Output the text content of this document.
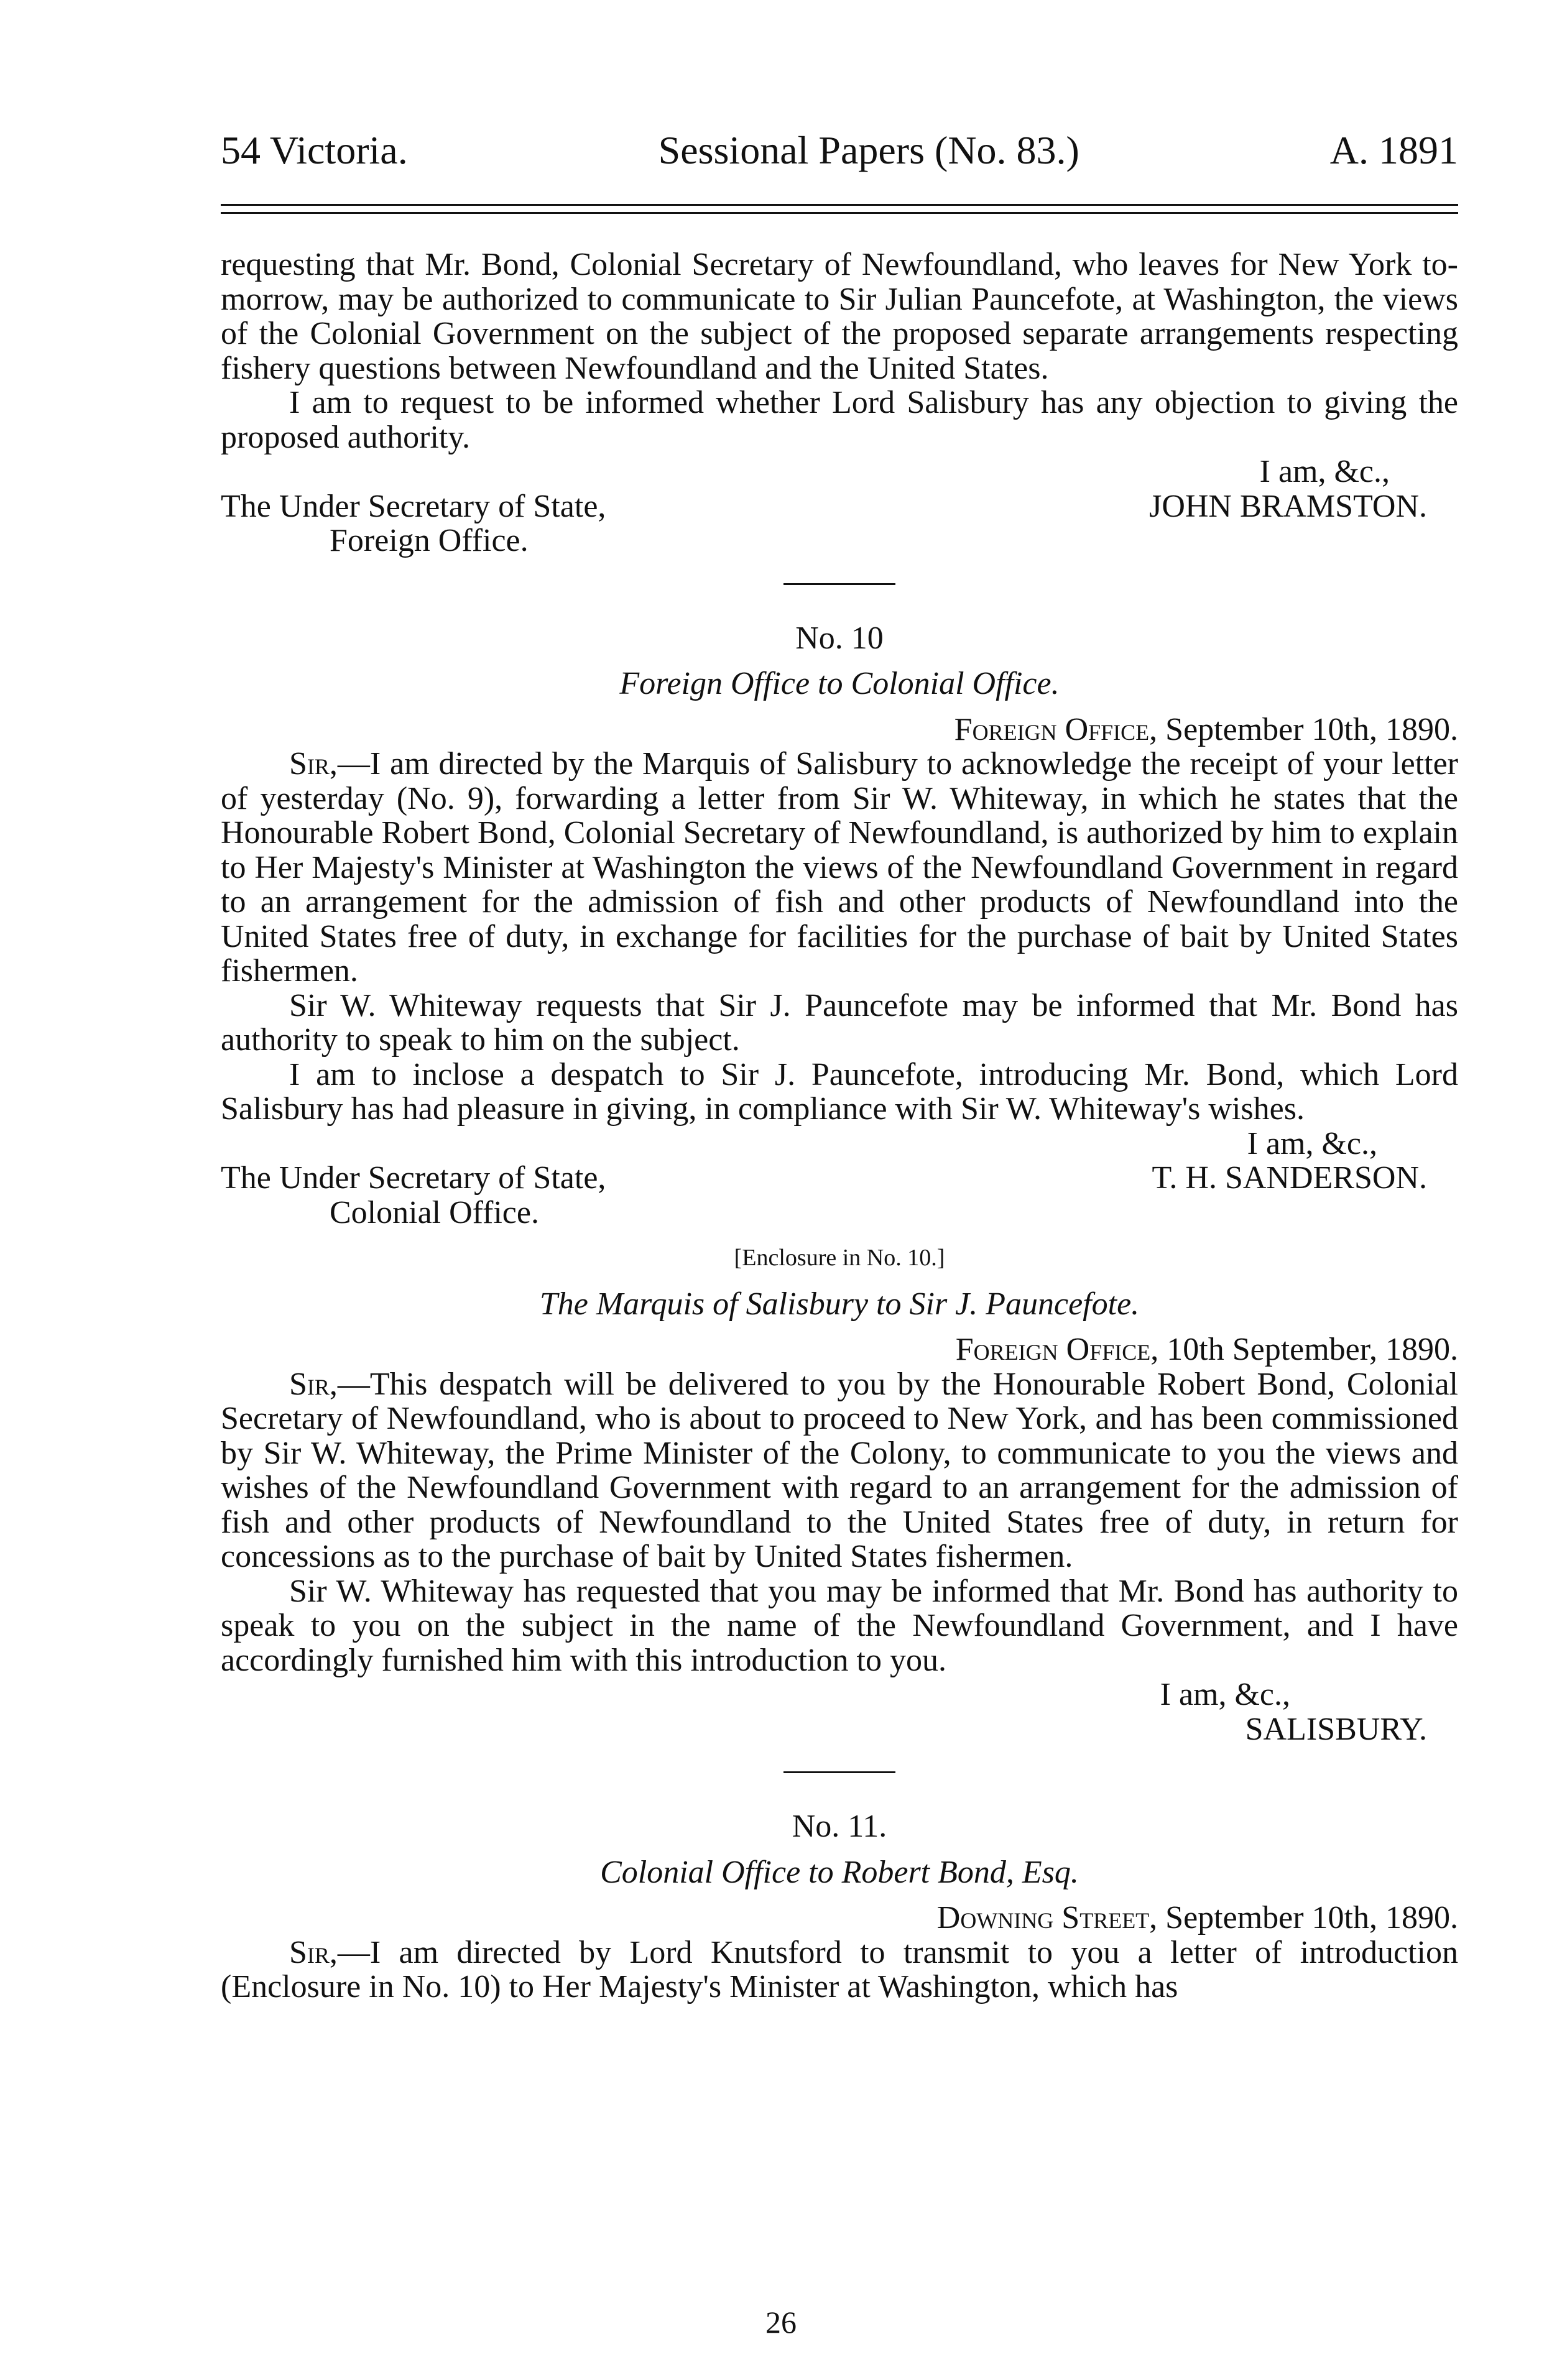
54 Victoria.	Sessional Papers (No. 83.)	A. 1891

requesting that Mr. Bond, Colonial Secretary of Newfoundland, who leaves for New York to-morrow, may be authorized to communicate to Sir Julian Pauncefote, at Washington, the views of the Colonial Government on the subject of the proposed separate arrangements respecting fishery questions between Newfoundland and the United States.

I am to request to be informed whether Lord Salisbury has any objection to giving the proposed authority.

The Under Secretary of State,
Foreign Office.
I am, &c.,
JOHN BRAMSTON.

No. 10

Foreign Office to Colonial Office.

Foreign Office, September 10th, 1890.

Sir,—I am directed by the Marquis of Salisbury to acknowledge the receipt of your letter of yesterday (No. 9), forwarding a letter from Sir W. Whiteway, in which he states that the Honourable Robert Bond, Colonial Secretary of Newfoundland, is authorized by him to explain to Her Majesty's Minister at Washington the views of the Newfoundland Government in regard to an arrangement for the admission of fish and other products of Newfoundland into the United States free of duty, in exchange for facilities for the purchase of bait by United States fishermen.

Sir W. Whiteway requests that Sir J. Pauncefote may be informed that Mr. Bond has authority to speak to him on the subject.

I am to inclose a despatch to Sir J. Pauncefote, introducing Mr. Bond, which Lord Salisbury has had pleasure in giving, in compliance with Sir W. Whiteway's wishes.

The Under Secretary of State,
Colonial Office.
I am, &c.,
T. H. SANDERSON.

[Enclosure in No. 10.]

The Marquis of Salisbury to Sir J. Pauncefote.

Foreign Office, 10th September, 1890.

Sir,—This despatch will be delivered to you by the Honourable Robert Bond, Colonial Secretary of Newfoundland, who is about to proceed to New York, and has been commissioned by Sir W. Whiteway, the Prime Minister of the Colony, to communicate to you the views and wishes of the Newfoundland Government with regard to an arrangement for the admission of fish and other products of Newfoundland to the United States free of duty, in return for concessions as to the purchase of bait by United States fishermen.

Sir W. Whiteway has requested that you may be informed that Mr. Bond has authority to speak to you on the subject in the name of the Newfoundland Government, and I have accordingly furnished him with this introduction to you.

I am, &c.,

SALISBURY.

No. 11.

Colonial Office to Robert Bond, Esq.

Downing Street, September 10th, 1890.

Sir,—I am directed by Lord Knutsford to transmit to you a letter of introduction (Enclosure in No. 10) to Her Majesty's Minister at Washington, which has

26
